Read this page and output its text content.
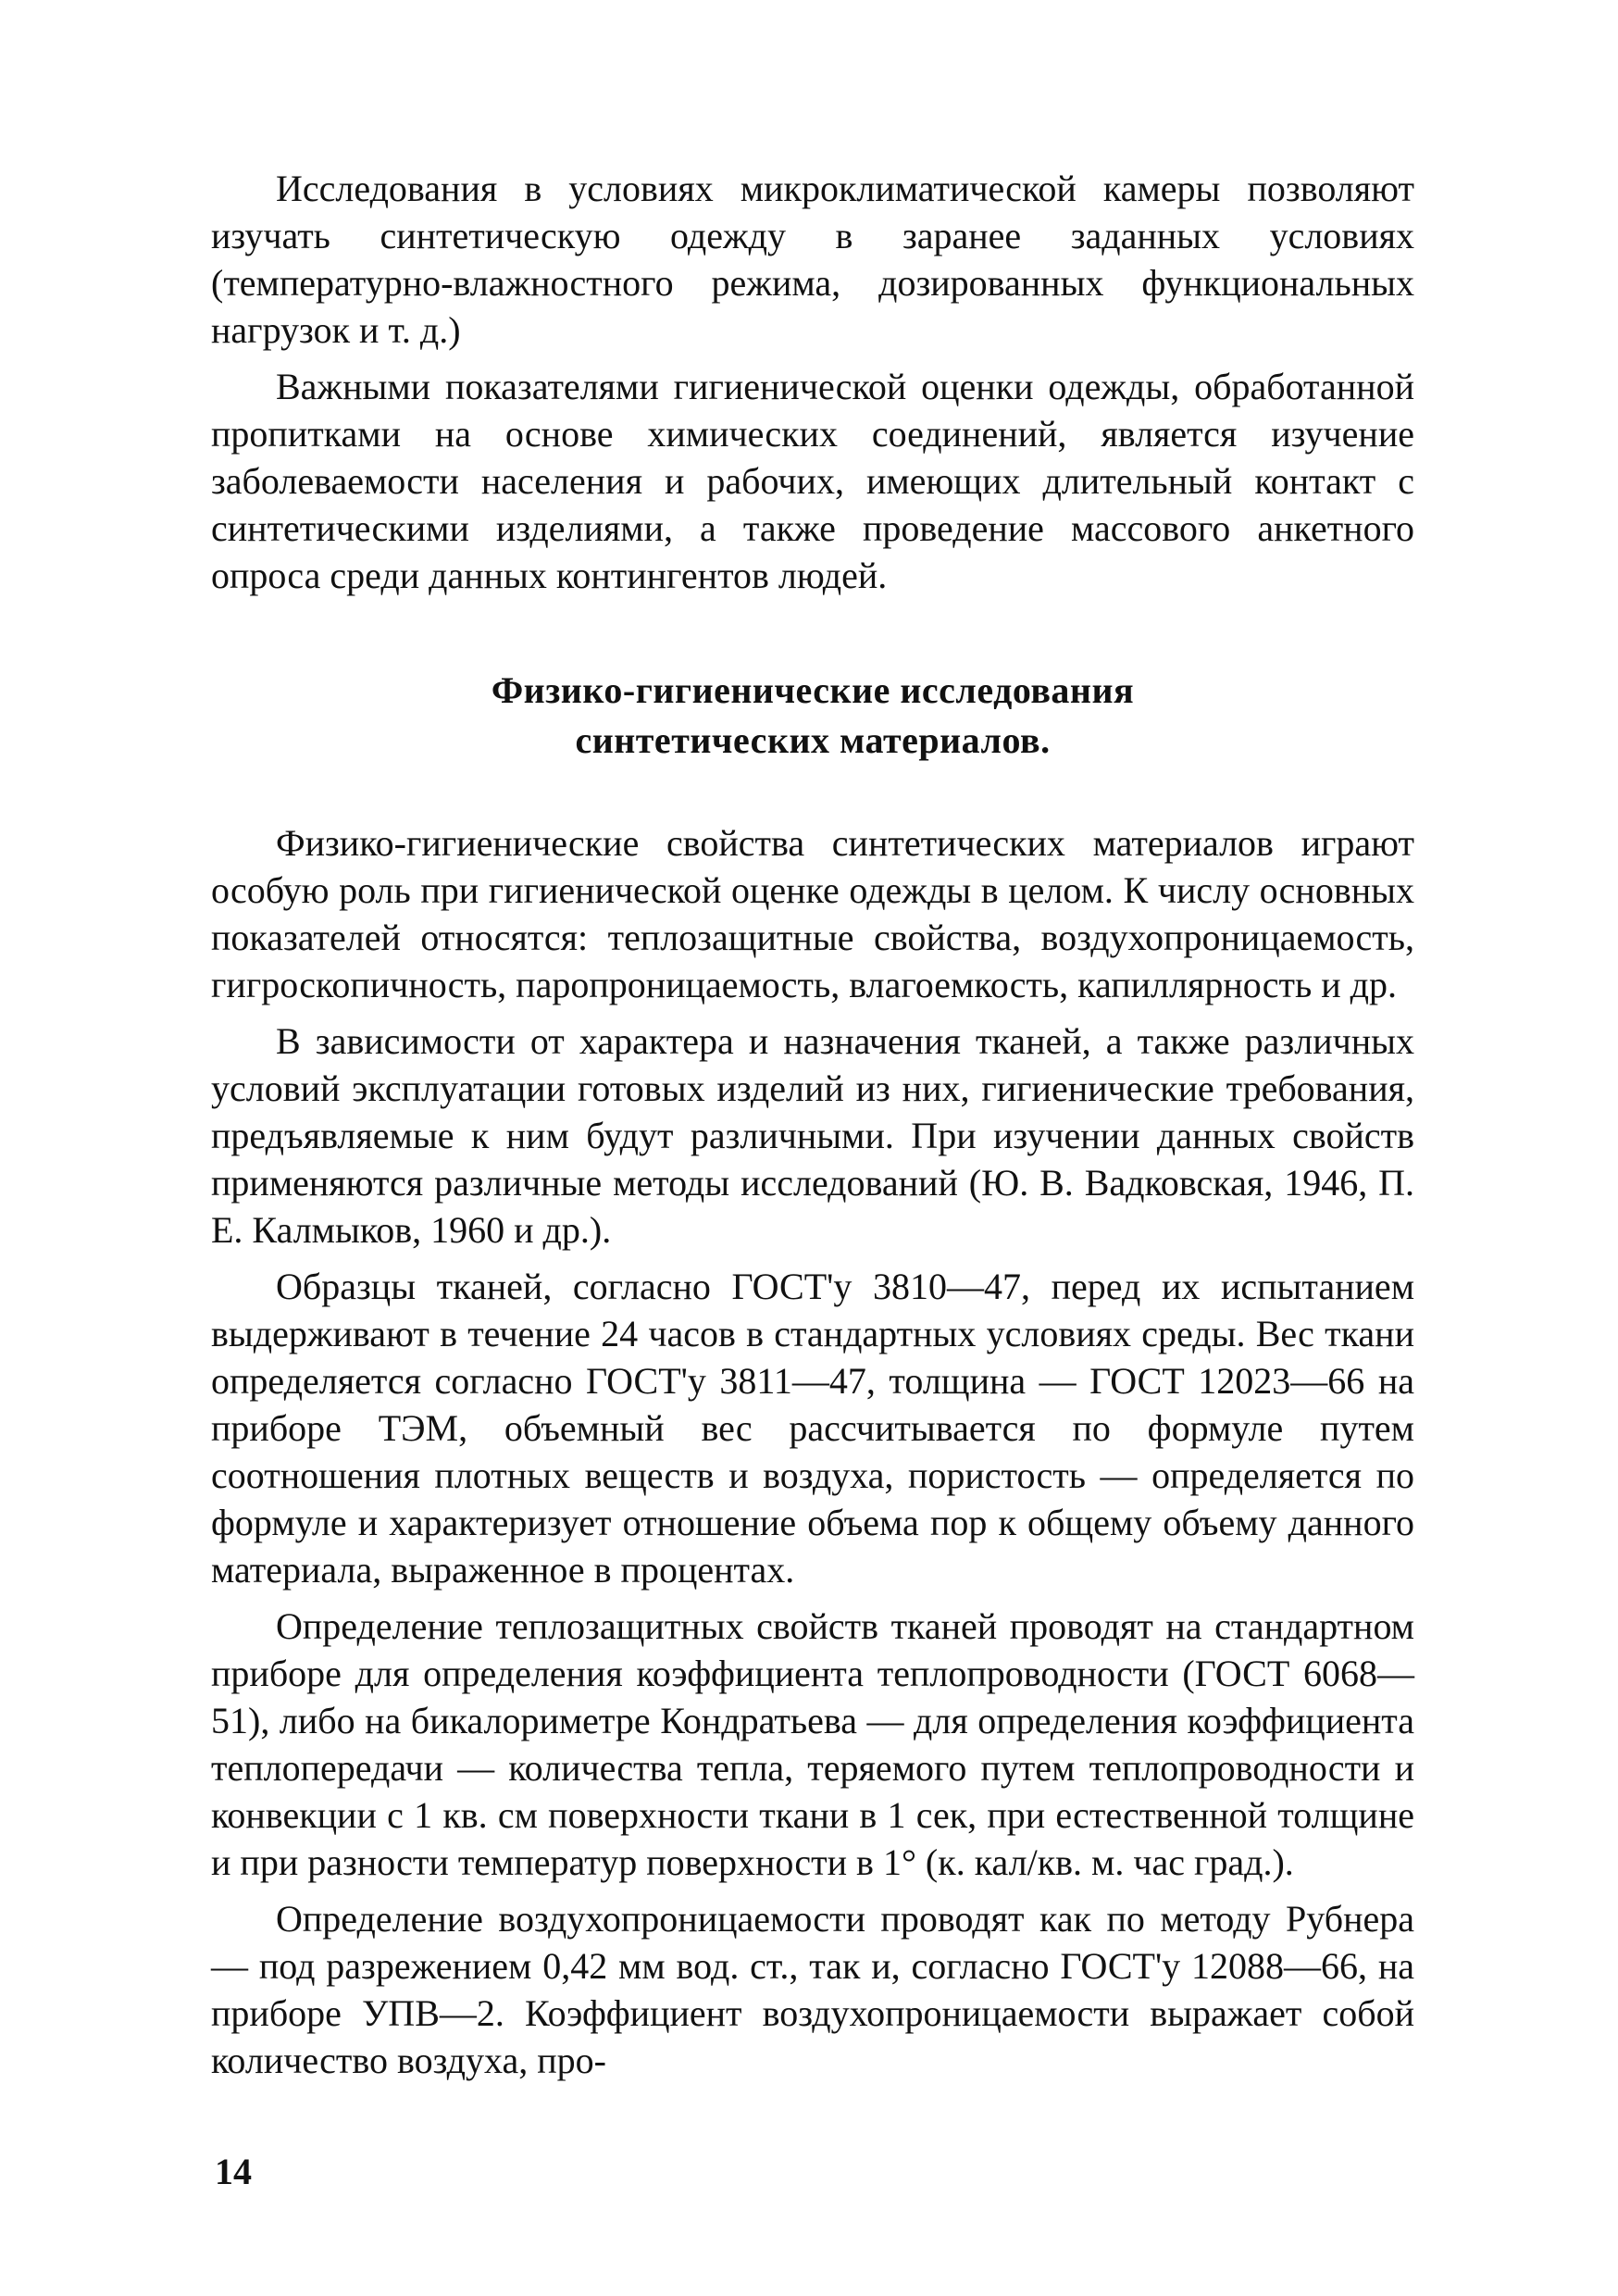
Исследования в условиях микроклиматической камеры позволяют изучать синтетическую одежду в заранее заданных условиях (температурно-влажностного режима, дозированных функциональных нагрузок и т. д.)

Важными показателями гигиенической оценки одежды, обработанной пропитками на основе химических соединений, является изучение заболеваемости населения и рабочих, имеющих длительный контакт с синтетическими изделиями, а также проведение массового анкетного опроса среди данных контингентов людей.

Физико-гигиенические исследования
синтетических материалов.

Физико-гигиенические свойства синтетических материалов играют особую роль при гигиенической оценке одежды в целом. К числу основных показателей относятся: теплозащитные свойства, воздухопроницаемость, гигроскопичность, паропроницаемость, влагоемкость, капиллярность и др.

В зависимости от характера и назначения тканей, а также различных условий эксплуатации готовых изделий из них, гигиенические требования, предъявляемые к ним будут различными. При изучении данных свойств применяются различные методы исследований (Ю. В. Вадковская, 1946, П. Е. Калмыков, 1960 и др.).

Образцы тканей, согласно ГОСТ'у 3810—47, перед их испытанием выдерживают в течение 24 часов в стандартных условиях среды. Вес ткани определяется согласно ГОСТ'у 3811—47, толщина — ГОСТ 12023—66 на приборе ТЭМ, объемный вес рассчитывается по формуле путем соотношения плотных веществ и воздуха, пористость — определяется по формуле и характеризует отношение объема пор к общему объему данного материала, выраженное в процентах.

Определение теплозащитных свойств тканей проводят на стандартном приборе для определения коэффициента теплопроводности (ГОСТ 6068—51), либо на бикалориметре Кондратьева — для определения коэффициента теплопередачи — количества тепла, теряемого путем теплопроводности и конвекции с 1 кв. см поверхности ткани в 1 сек, при естественной толщине и при разности температур поверхности в 1° (к. кал/кв. м. час град.).

Определение воздухопроницаемости проводят как по методу Рубнера — под разрежением 0,42 мм вод. ст., так и, согласно ГОСТ'у 12088—66, на приборе УПВ—2. Коэффициент воздухопроницаемости выражает собой количество воздуха, про-

14
